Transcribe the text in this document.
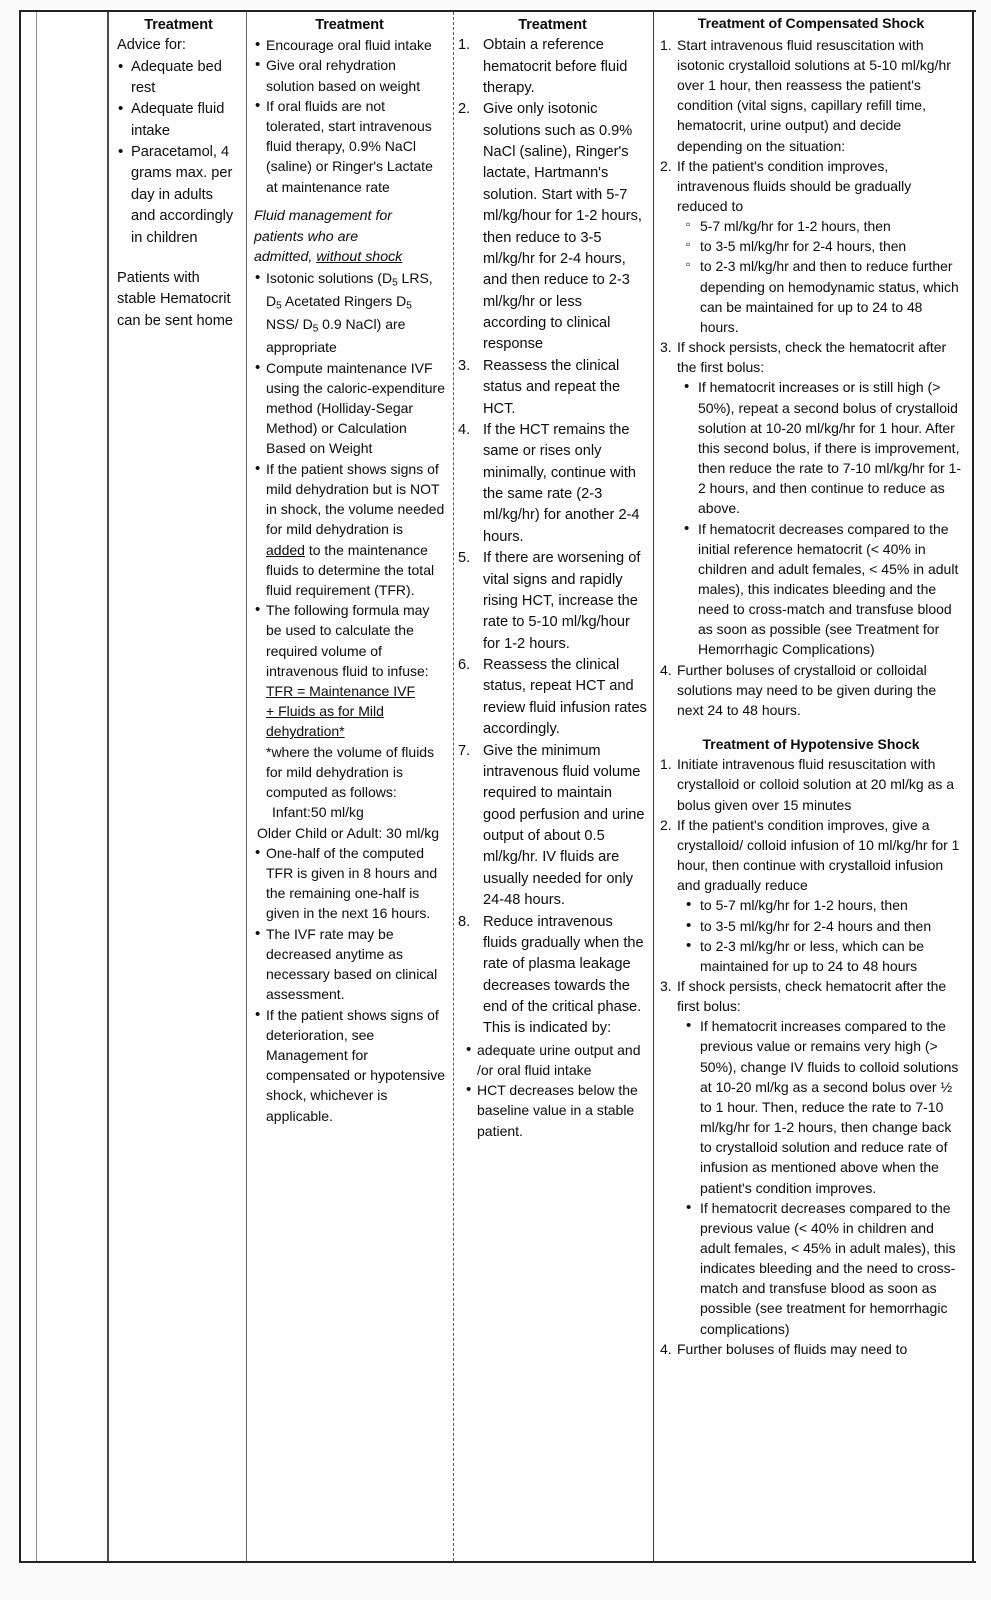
Treatment

Advice for:

• Adequate bed rest
• Adequate fluid intake
• Paracetamol, 4 grams max. per day in adults and accordingly in children

Patients with stable Hematocrit can be sent home

Treatment
• Encourage oral fluid intake
• Give oral rehydration solution based on weight
• If oral fluids are not tolerated, start intravenous fluid therapy, 0.9% NaCl (saline) or Ringer's Lactate at maintenance rate

Fluid management for
patients who are
admitted, without shock

• Isotonic solutions ($D_5$ LRS, $D_5$ Acetated Ringers $D_5$ NSS/ $D_5$ 0.9 NaCl) are appropriate
• Compute maintenance IVF using the caloric-expenditure method (Holliday-Segar Method) or Calculation Based on Weight
• If the patient shows signs of mild dehydration but is NOT in shock, the volume needed for mild dehydration is added to the maintenance fluids to determine the total fluid requirement (TFR).
• The following formula may be used to calculate the required volume of intravenous fluid to infuse:
TFR = Maintenance IVF
+ Fluids as for Mild
dehydration*
*where the volume of fluids for mild dehydration is computed as follows:
Infant:50 ml/kg
Older Child or Adult: 30 ml/kg
• One-half of the computed TFR is given in 8 hours and the remaining one-half is given in the next 16 hours.
• The IVF rate may be decreased anytime as necessary based on clinical assessment.
• If the patient shows signs of deterioration, see Management for compensated or hypotensive shock, whichever is applicable.
Treatment
1. Obtain a reference hematocrit before fluid therapy.
2. Give only isotonic solutions such as 0.9% NaCl (saline), Ringer's lactate, Hartmann's solution. Start with 5-7 ml/kg/hour for 1-2 hours, then reduce to 3-5 ml/kg/hr for 2-4 hours, and then reduce to 2-3 ml/kg/hr or less according to clinical response
3. Reassess the clinical status and repeat the HCT.
4. If the HCT remains the same or rises only minimally, continue with the same rate (2-3 ml/kg/hr) for another 2-4 hours.
5. If there are worsening of vital signs and rapidly rising HCT, increase the rate to 5-10 ml/kg/hour for 1-2 hours.
6. Reassess the clinical status, repeat HCT and review fluid infusion rates accordingly.
7. Give the minimum intravenous fluid volume required to maintain good perfusion and urine output of about 0.5 ml/kg/hr. IV fluids are usually needed for only 24-48 hours.
8. Reduce intravenous fluids gradually when the rate of plasma leakage decreases towards the end of the critical phase. This is indicated by:
• adequate urine output and /or oral fluid intake
• HCT decreases below the baseline value in a stable patient.
Treatment of Compensated Shock
1. Start intravenous fluid resuscitation with isotonic crystalloid solutions at 5-10 ml/kg/hr over 1 hour, then reassess the patient's condition (vital signs, capillary refill time, hematocrit, urine output) and decide depending on the situation:
2. If the patient's condition improves, intravenous fluids should be gradually reduced to
▫ 5-7 ml/kg/hr for 1-2 hours, then
▫ to 3-5 ml/kg/hr for 2-4 hours, then
▫ to 2-3 ml/kg/hr and then to reduce further depending on hemodynamic status, which can be maintained for up to 24 to 48 hours.
3. If shock persists, check the hematocrit after the first bolus:
• If hematocrit increases or is still high (> 50%), repeat a second bolus of crystalloid solution at 10-20 ml/kg/hr for 1 hour. After this second bolus, if there is improvement, then reduce the rate to 7-10 ml/kg/hr for 1-2 hours, and then continue to reduce as above.
• If hematocrit decreases compared to the initial reference hematocrit (< 40% in children and adult females, < 45% in adult males), this indicates bleeding and the need to cross-match and transfuse blood as soon as possible (see Treatment for Hemorrhagic Complications)
4. Further boluses of crystalloid or colloidal solutions may need to be given during the next 24 to 48 hours.
Treatment of Hypotensive Shock
1. Initiate intravenous fluid resuscitation with crystalloid or colloid solution at 20 ml/kg as a bolus given over 15 minutes
2. If the patient's condition improves, give a crystalloid/ colloid infusion of 10 ml/kg/hr for 1 hour, then continue with crystalloid infusion and gradually reduce
• to 5-7 ml/kg/hr for 1-2 hours, then
• to 3-5 ml/kg/hr for 2-4 hours and then
• to 2-3 ml/kg/hr or less, which can be maintained for up to 24 to 48 hours
3. If shock persists, check hematocrit after the first bolus:
• If hematocrit increases compared to the previous value or remains very high (> 50%), change IV fluids to colloid solutions at 10-20 ml/kg as a second bolus over ½ to 1 hour. Then, reduce the rate to 7-10 ml/kg/hr for 1-2 hours, then change back to crystalloid solution and reduce rate of infusion as mentioned above when the patient's condition improves.
• If hematocrit decreases compared to the previous value (< 40% in children and adult females, < 45% in adult males), this indicates bleeding and the need to cross-match and transfuse blood as soon as possible (see treatment for hemorrhagic complications)
4. Further boluses of fluids may need to
